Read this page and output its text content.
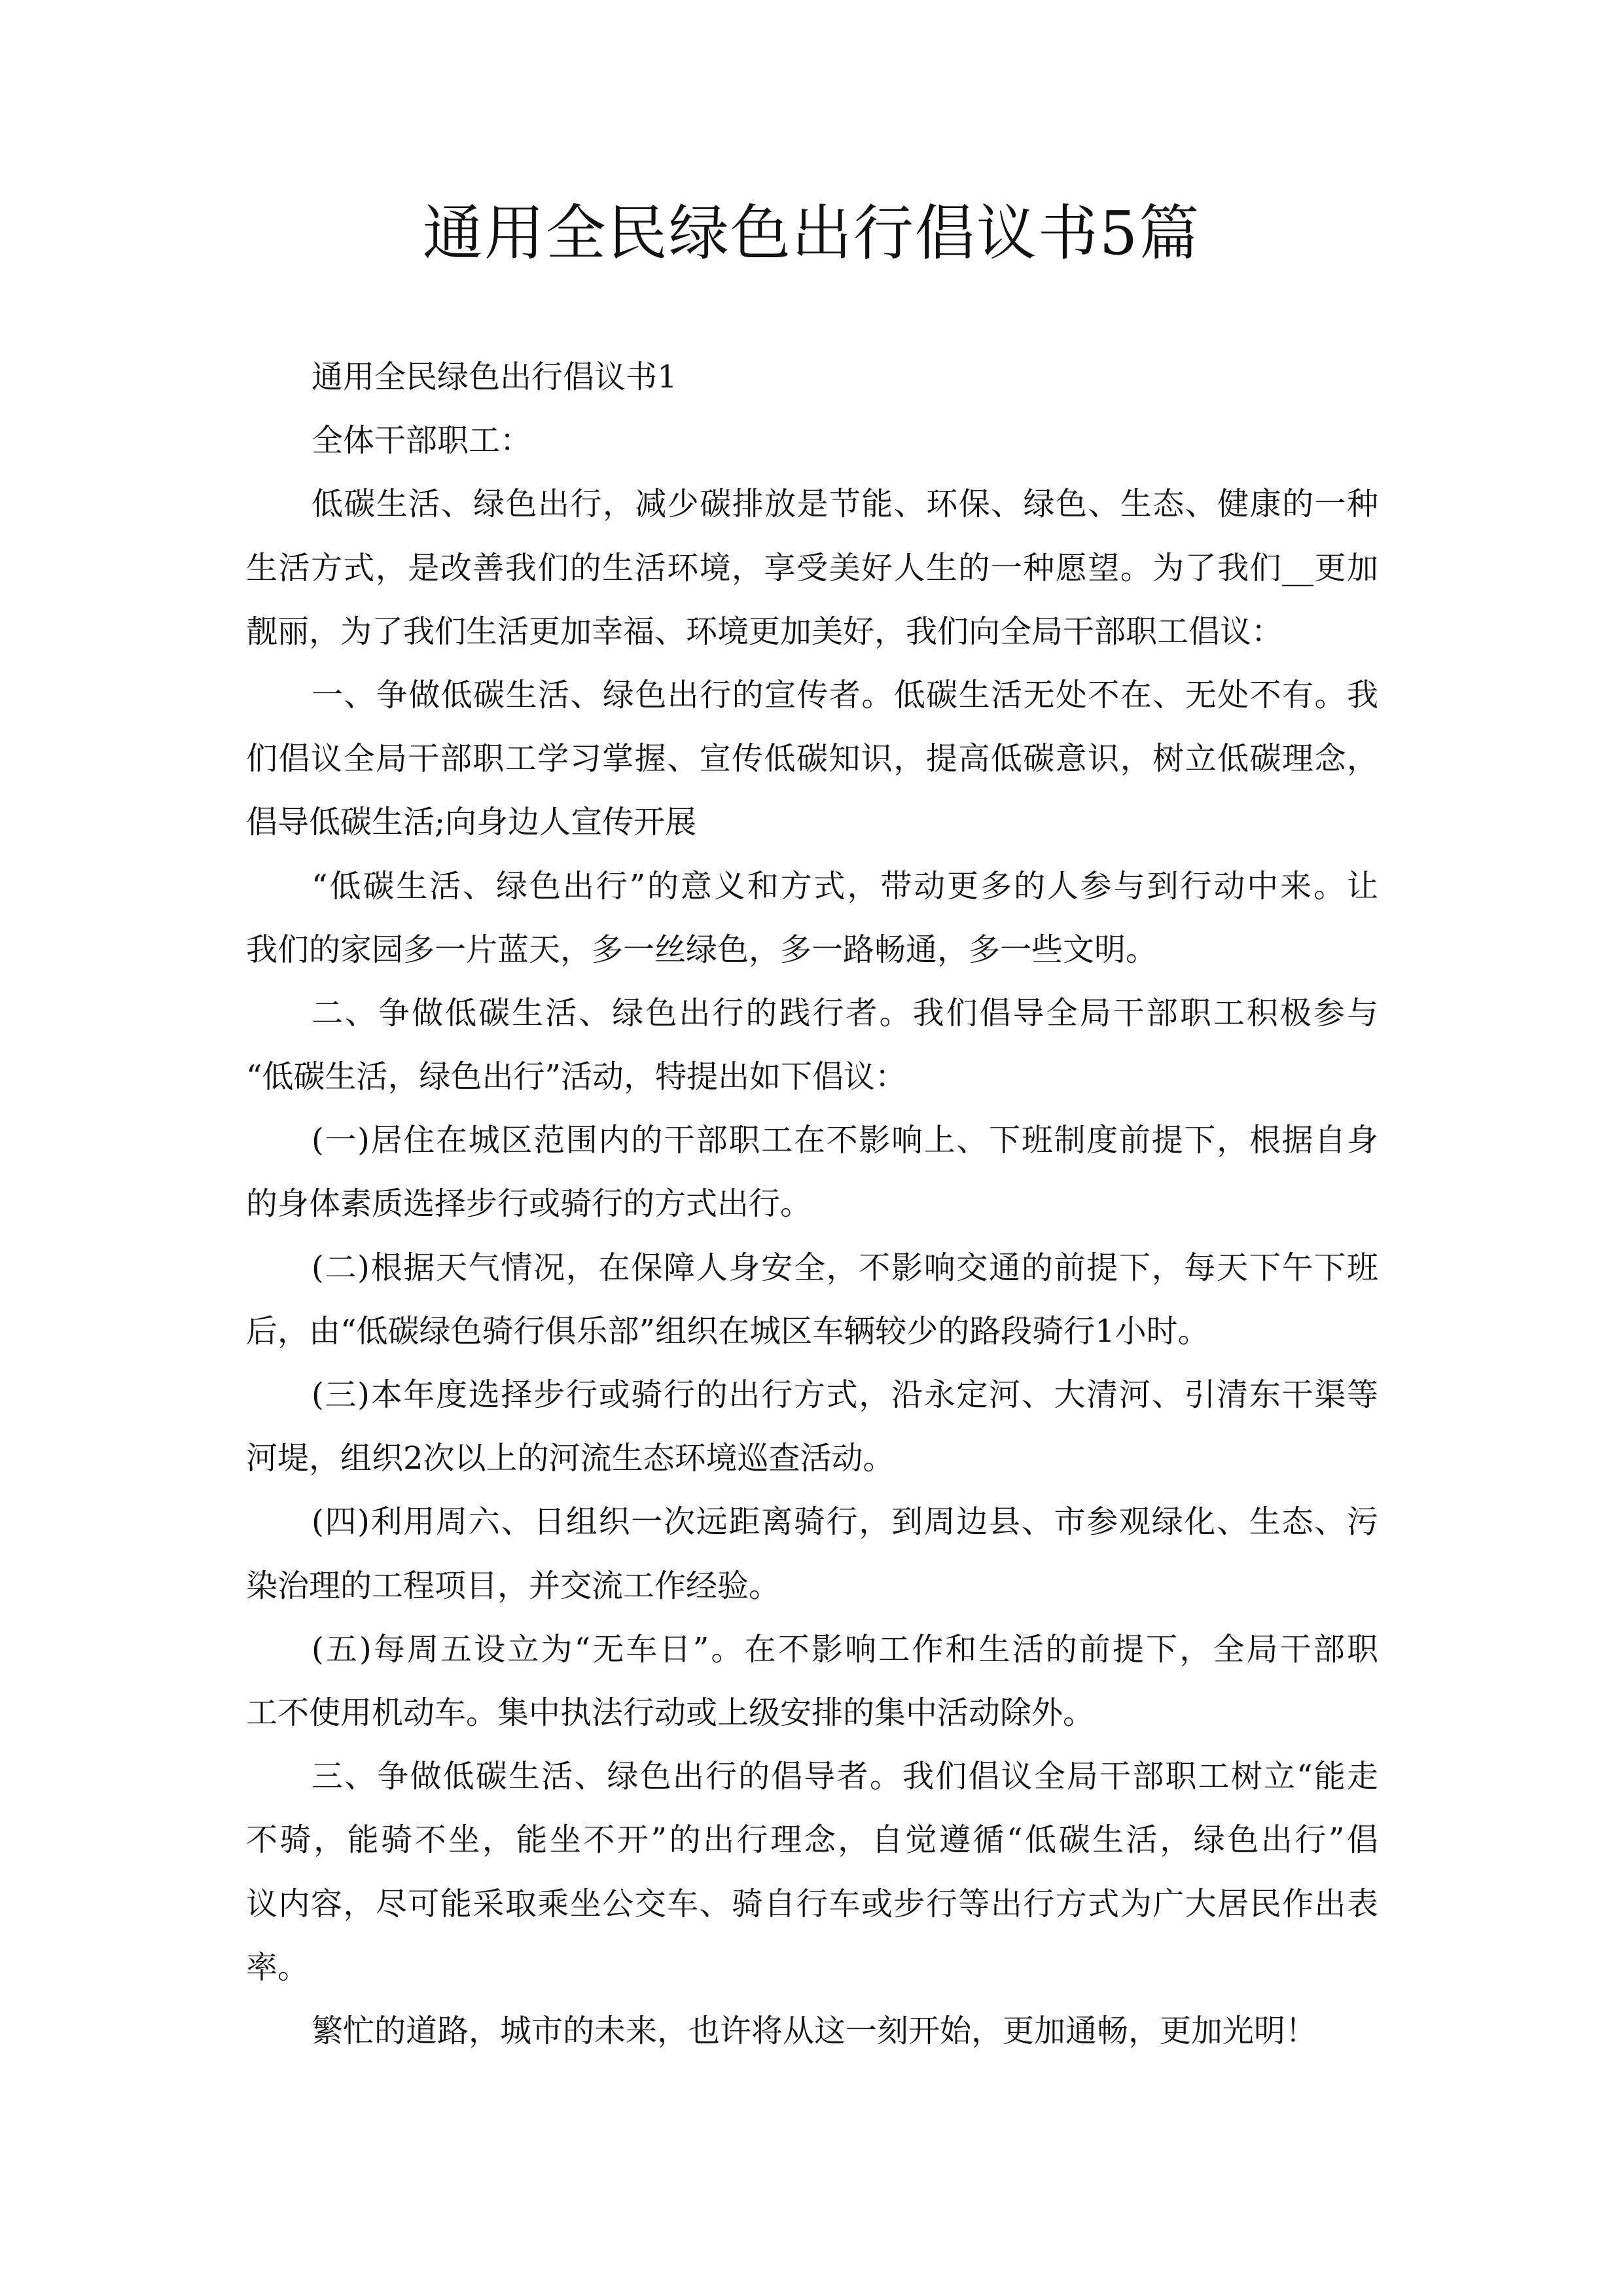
通用全民绿色出行倡议书5篇
通用全民绿色出行倡议书1
全体干部职工：
低碳生活、绿色出行，减少碳排放是节能、环保、绿色、生态、健康的一种
生活方式，是改善我们的生活环境，享受美好人生的一种愿望。为了我们__更加
靓丽，为了我们生活更加幸福、环境更加美好，我们向全局干部职工倡议：
一、争做低碳生活、绿色出行的宣传者。低碳生活无处不在、无处不有。我
们倡议全局干部职工学习掌握、宣传低碳知识，提高低碳意识，树立低碳理念，
倡导低碳生活;向身边人宣传开展
“低碳生活、绿色出行”的意义和方式，带动更多的人参与到行动中来。让
我们的家园多一片蓝天，多一丝绿色，多一路畅通，多一些文明。
二、争做低碳生活、绿色出行的践行者。我们倡导全局干部职工积极参与
“低碳生活，绿色出行”活动，特提出如下倡议：
(一)居住在城区范围内的干部职工在不影响上、下班制度前提下，根据自身
的身体素质选择步行或骑行的方式出行。
(二)根据天气情况，在保障人身安全，不影响交通的前提下，每天下午下班
后，由“低碳绿色骑行俱乐部”组织在城区车辆较少的路段骑行1小时。
(三)本年度选择步行或骑行的出行方式，沿永定河、大清河、引清东干渠等
河堤，组织2次以上的河流生态环境巡查活动。
(四)利用周六、日组织一次远距离骑行，到周边县、市参观绿化、生态、污
染治理的工程项目，并交流工作经验。
(五)每周五设立为“无车日”。在不影响工作和生活的前提下，全局干部职
工不使用机动车。集中执法行动或上级安排的集中活动除外。
三、争做低碳生活、绿色出行的倡导者。我们倡议全局干部职工树立“能走
不骑，能骑不坐，能坐不开”的出行理念，自觉遵循“低碳生活，绿色出行”倡
议内容，尽可能采取乘坐公交车、骑自行车或步行等出行方式为广大居民作出表
率。
繁忙的道路，城市的未来，也许将从这一刻开始，更加通畅，更加光明！
